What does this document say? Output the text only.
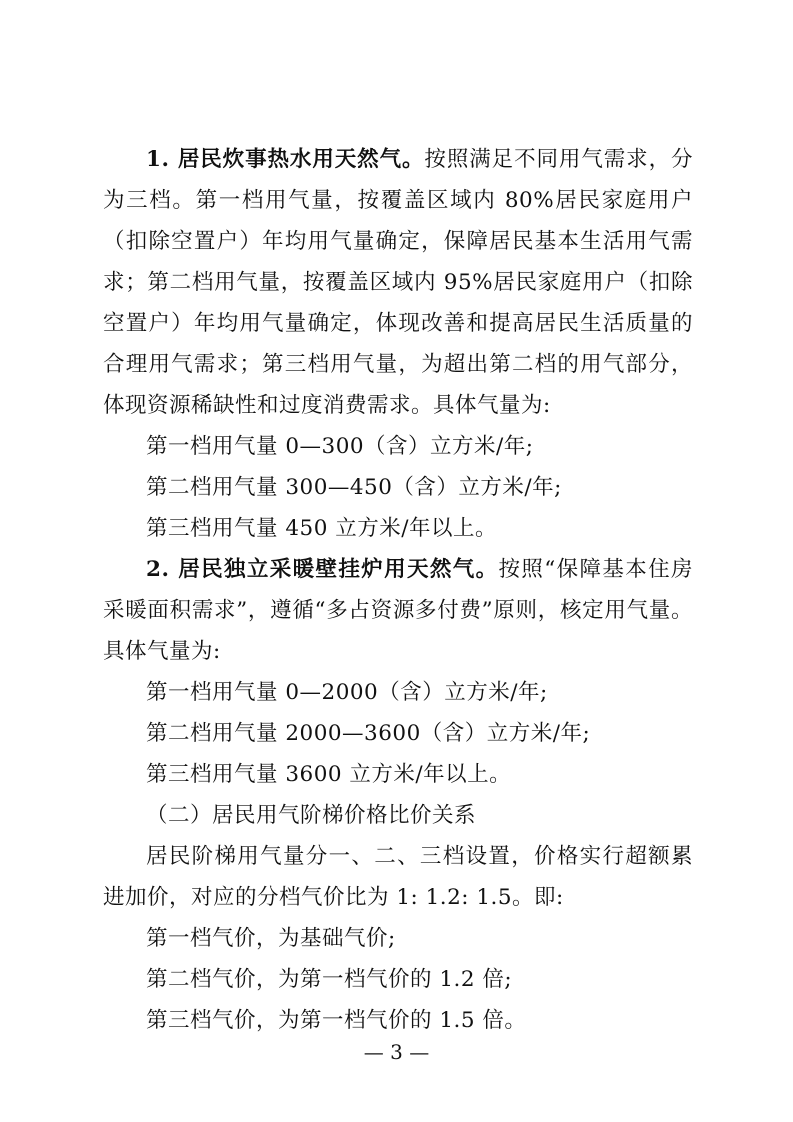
1. 居民炊事热水用天然气。按照满足不同用气需求，分为三档。第一档用气量，按覆盖区域内 80%居民家庭用户（扣除空置户）年均用气量确定，保障居民基本生活用气需求；第二档用气量，按覆盖区域内 95%居民家庭用户（扣除空置户）年均用气量确定，体现改善和提高居民生活质量的合理用气需求；第三档用气量，为超出第二档的用气部分，体现资源稀缺性和过度消费需求。具体气量为:

第一档用气量 0—300（含）立方米/年;

第二档用气量 300—450（含）立方米/年;

第三档用气量 450 立方米/年以上。

2. 居民独立采暖壁挂炉用天然气。按照“保障基本住房采暖面积需求”，遵循“多占资源多付费”原则，核定用气量。具体气量为:

第一档用气量 0—2000（含）立方米/年;

第二档用气量 2000—3600（含）立方米/年;

第三档用气量 3600 立方米/年以上。

（二）居民用气阶梯价格比价关系

居民阶梯用气量分一、二、三档设置，价格实行超额累进加价，对应的分档气价比为 1: 1.2: 1.5。即:

第一档气价，为基础气价;

第二档气价，为第一档气价的 1.2 倍;

第三档气价，为第一档气价的 1.5 倍。

— 3 —
